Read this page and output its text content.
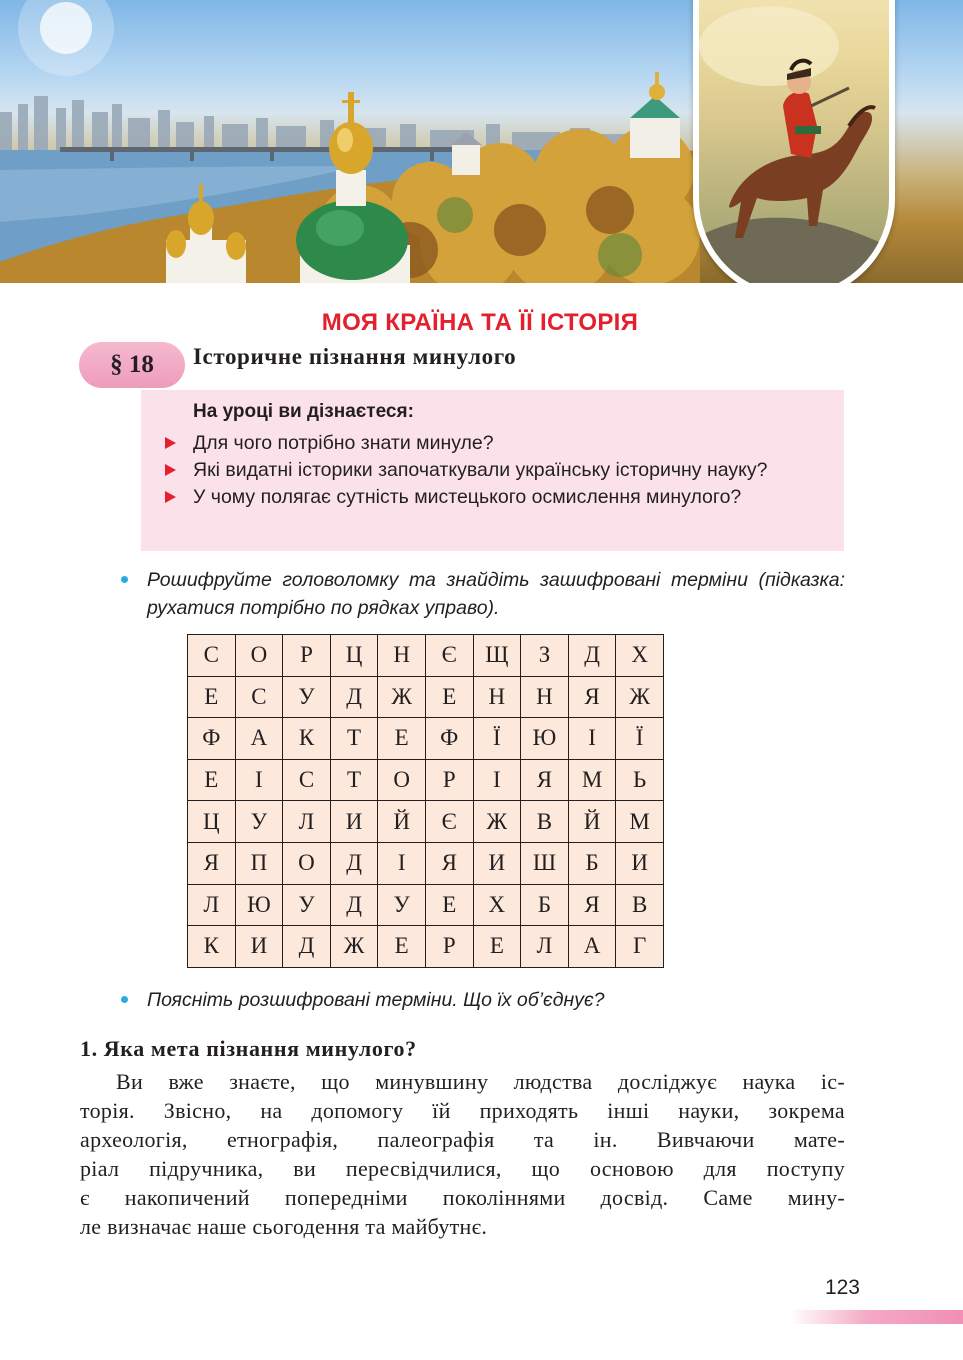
МОЯ КРАЇНА ТА ЇЇ ІСТОРІЯ
§ 18	Історичне пізнання минулого
На уроці ви дізнаєтеся:
Для чого потрібно знати минуле?
Які видатні історики започаткували українську історичну науку?
У чому полягає сутність мистецького осмислення минулого?
Рошифруйте головоломку та знайдіть зашифровані терміни (підказка: рухатися потрібно по рядках управо).
С	О	Р	Ц	Н	Є	Щ	З	Д	Х
Е	С	У	Д	Ж	Е	Н	Н	Я	Ж
Ф	А	К	Т	Е	Ф	Ї	Ю	І	Ї
Е	І	С	Т	О	Р	І	Я	М	Ь
Ц	У	Л	И	Й	Є	Ж	В	Й	М
Я	П	О	Д	І	Я	И	Ш	Б	И
Л	Ю	У	Д	У	Е	Х	Б	Я	В
К	И	Д	Ж	Е	Р	Е	Л	А	Г
Поясніть розшифровані терміни. Що їх об’єднує?
1. Яка мета пізнання минулого?
Ви вже знаєте, що минувшину людства досліджує наука іс-
торія. Звісно, на допомогу їй приходять інші науки, зокрема
археологія, етнографія, палеографія та ін. Вивчаючи мате-
ріал підручника, ви пересвідчилися, що основою для поступу
є накопичений попередніми поколіннями досвід. Саме мину-
ле визначає наше сьогодення та майбутнє.
123
